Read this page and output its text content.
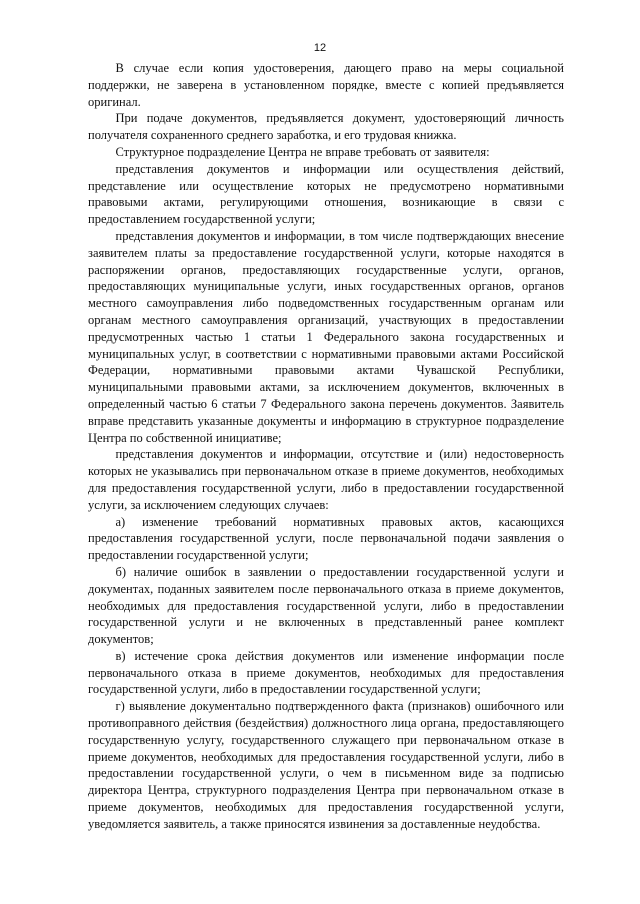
12

В случае если копия удостоверения, дающего право на меры социальной поддержки, не заверена в установленном порядке, вместе с копией предъявляется оригинал.

При подаче документов, предъявляется документ, удостоверяющий личность получателя сохраненного среднего заработка, и его трудовая книжка.

Структурное подразделение Центра не вправе требовать от заявителя:

представления документов и информации или осуществления действий, представление или осуществление которых не предусмотрено нормативными правовыми актами, регулирующими отношения, возникающие в связи с предоставлением государственной услуги;

представления документов и информации, в том числе подтверждающих внесение заявителем платы за предоставление государственной услуги, которые находятся в распоряжении органов, предоставляющих государственные услуги, органов, предоставляющих муниципальные услуги, иных государственных органов, органов местного самоуправления либо подведомственных государственным органам или органам местного самоуправления организаций, участвующих в предоставлении предусмотренных частью 1 статьи 1 Федерального закона государственных и муниципальных услуг, в соответствии с нормативными правовыми актами Российской Федерации, нормативными правовыми актами Чувашской Республики, муниципальными правовыми актами, за исключением документов, включенных в определенный частью 6 статьи 7 Федерального закона перечень документов. Заявитель вправе представить указанные документы и информацию в структурное подразделение Центра по собственной инициативе;

представления документов и информации, отсутствие и (или) недостоверность которых не указывались при первоначальном отказе в приеме документов, необходимых для предоставления государственной услуги, либо в предоставлении государственной услуги, за исключением следующих случаев:

а) изменение требований нормативных правовых актов, касающихся предоставления государственной услуги, после первоначальной подачи заявления о предоставлении государственной услуги;

б) наличие ошибок в заявлении о предоставлении государственной услуги и документах, поданных заявителем после первоначального отказа в приеме документов, необходимых для предоставления государственной услуги, либо в предоставлении государственной услуги и не включенных в представленный ранее комплект документов;

в) истечение срока действия документов или изменение информации после первоначального отказа в приеме документов, необходимых для предоставления государственной услуги, либо в предоставлении государственной услуги;

г) выявление документально подтвержденного факта (признаков) ошибочного или противоправного действия (бездействия) должностного лица органа, предоставляющего государственную услугу, государственного служащего при первоначальном отказе в приеме документов, необходимых для предоставления государственной услуги, либо в предоставлении государственной услуги, о чем в письменном виде за подписью директора Центра, структурного подразделения Центра при первоначальном отказе в приеме документов, необходимых для предоставления государственной услуги, уведомляется заявитель, а также приносятся извинения за доставленные неудобства.
